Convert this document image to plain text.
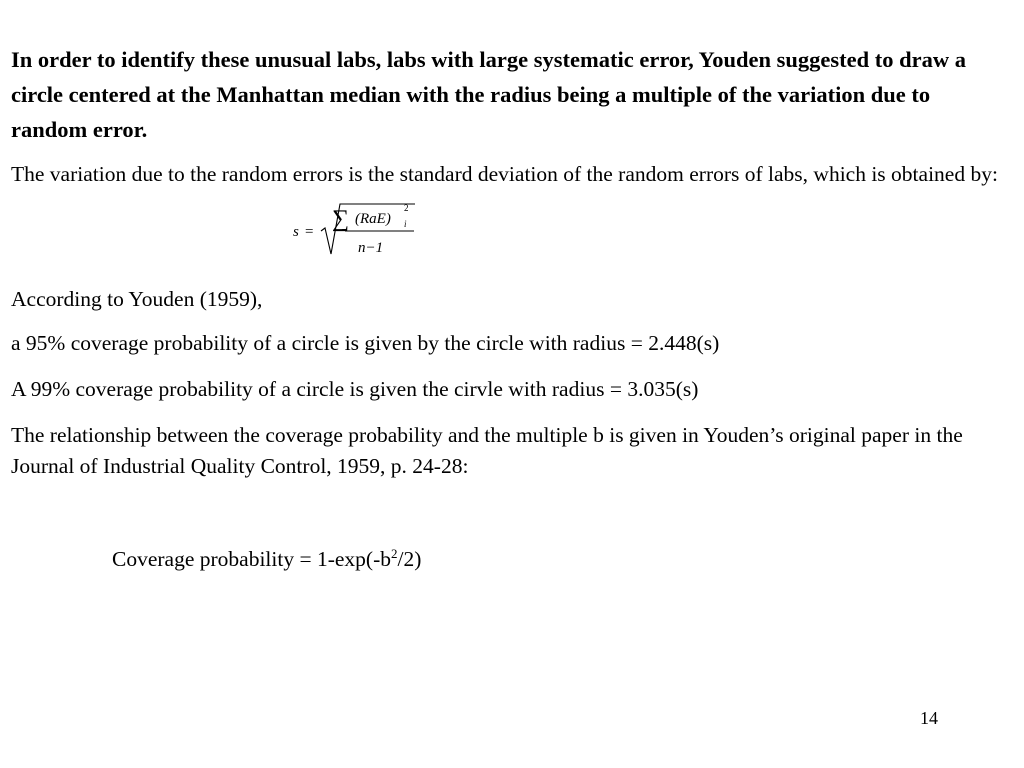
In order to identify these unusual labs, labs with large systematic error, Youden suggested to draw a circle centered at the Manhattan median with the radius being a multiple of the variation due to random error.

The variation due to the random errors is the standard deviation of the random errors of labs, which is obtained by:

s = ∑ (RaE)
2
i
n−1

According to Youden (1959),

a 95% coverage probability of a circle is given by the circle with radius = 2.448(s)

A 99% coverage probability of a circle is given the cirvle with radius = 3.035(s)

The relationship between the coverage probability and the multiple b is given in Youden’s original paper in the Journal of Industrial Quality Control, 1959, p. 24-28:

Coverage probability = $1-\exp(-b^2/2)$

14
